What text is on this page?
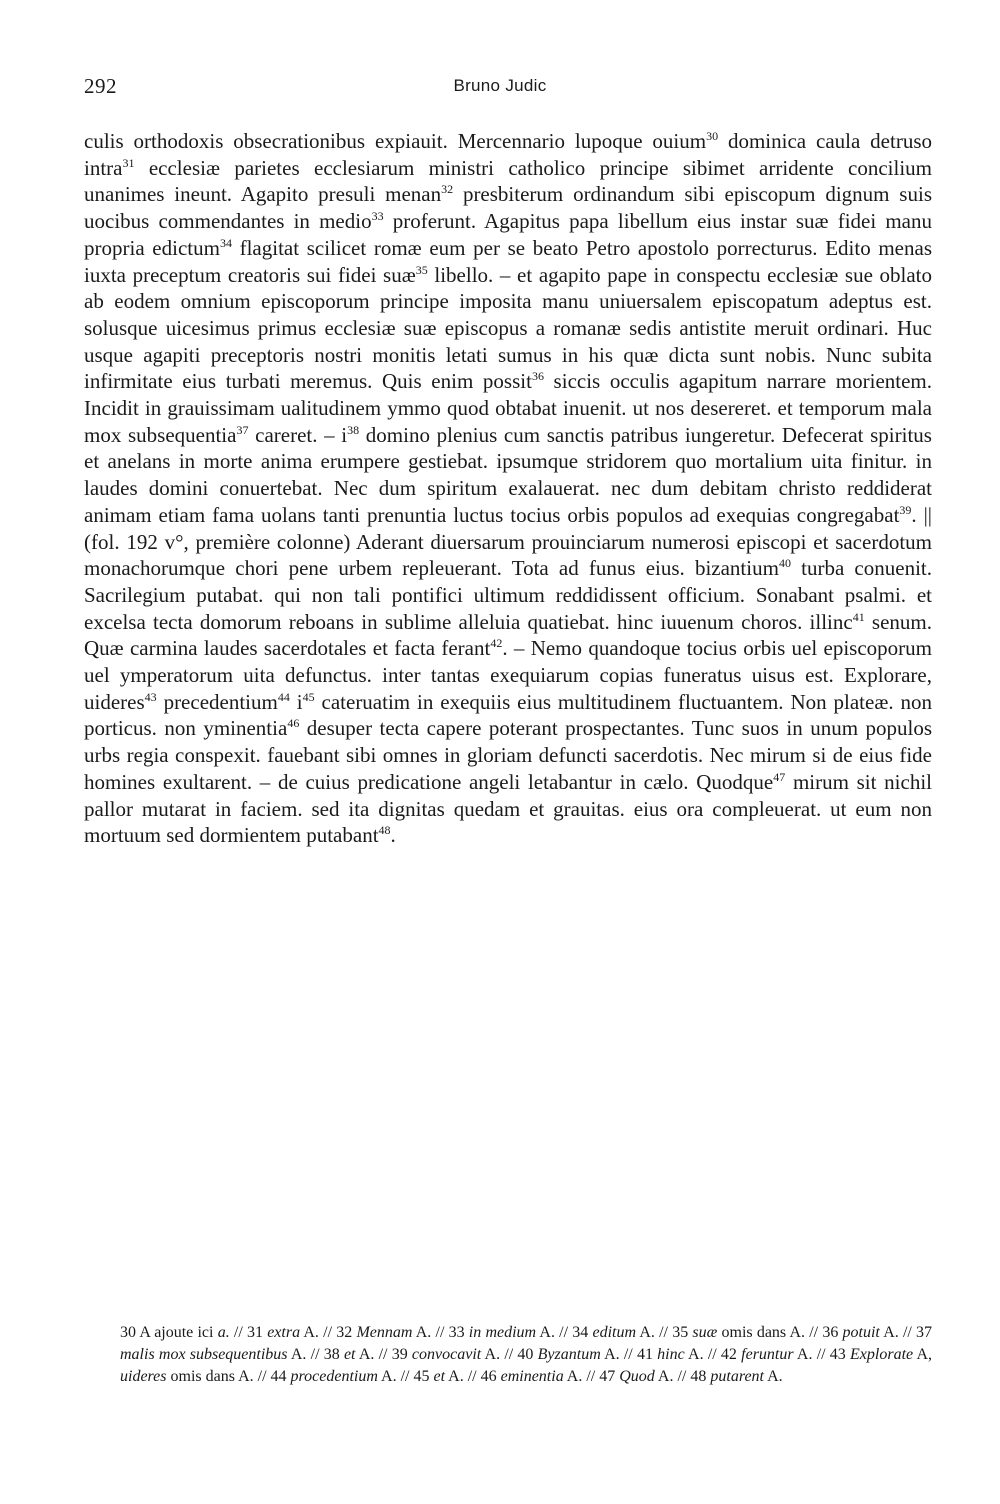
292	Bruno Judic

culis orthodoxis obsecrationibus expiauit. Mercennario lupoque ouium$^{30}$ dominica caula detruso intra$^{31}$ ecclesiæ parietes ecclesiarum ministri catholico principe sibimet arridente concilium unanimes ineunt. Agapito presuli menan$^{32}$ presbiterum ordinandum sibi episcopum dignum suis uocibus commendantes in medio$^{33}$ proferunt. Agapitus papa libellum eius instar suæ fidei manu propria edictum$^{34}$ flagitat scilicet romæ eum per se beato Petro apostolo porrecturus. Edito menas iuxta preceptum creatoris sui fidei suæ$^{35}$ libello. – et agapito pape in conspectu ecclesiæ sue oblato ab eodem omnium episcoporum principe imposita manu uniuersalem episcopatum adeptus est. solusque uicesimus primus ecclesiæ suæ episcopus a romanæ sedis antistite meruit ordinari. Huc usque agapiti preceptoris nostri monitis letati sumus in his quæ dicta sunt nobis. Nunc subita infirmitate eius turbati meremus. Quis enim possit$^{36}$ siccis occulis agapitum narrare morientem. Incidit in grauissimam ualitudinem ymmo quod obtabat inuenit. ut nos desereret. et temporum mala mox subsequentia$^{37}$ careret. – $i^{38}$ domino plenius cum sanctis patribus iungeretur. Defecerat spiritus et anelans in morte anima erumpere gestiebat. ipsumque stridorem quo mortalium uita finitur. in laudes domini conuertebat. Nec dum spiritum exalauerat. nec dum debitam christo reddiderat animam etiam fama uolans tanti prenuntia luctus tocius orbis populos ad exequias congregabat$^{39}$. || (fol. 192 v°, première colonne) Aderant diuersarum prouinciarum numerosi episcopi et sacerdotum monachorumque chori pene urbem repleuerant. Tota ad funus eius. bizantium$^{40}$ turba conuenit. Sacrilegium putabat. qui non tali pontifici ultimum reddidissent officium. Sonabant psalmi. et excelsa tecta domorum reboans in sublime alleluia quatiebat. hinc iuuenum choros. illinc$^{41}$ senum. Quæ carmina laudes sacerdotales et facta ferant$^{42}$. – Nemo quandoque tocius orbis uel episcoporum uel ymperatorum uita defunctus. inter tantas exequiarum copias funeratus uisus est. Explorare, uideres$^{43}$ precedentium$^{44}$ $i^{45}$ cateruatim in exequiis eius multitudinem fluctuantem. Non plateæ. non porticus. non yminentia$^{46}$ desuper tecta capere poterant prospectantes. Tunc suos in unum populos urbs regia conspexit. fauebant sibi omnes in gloriam defuncti sacerdotis. Nec mirum si de eius fide homines exultarent. – de cuius predicatione angeli letabantur in cælo. Quodque$^{47}$ mirum sit nichil pallor mutarat in faciem. sed ita dignitas quedam et grauitas. eius ora compleuerat. ut eum non mortuum sed dormientem putabant$^{48}$.

30 A ajoute ici a. // 31 extra A. // 32 Mennam A. // 33 in medium A. // 34 editum A. // 35 suæ omis dans A. // 36 potuit A. // 37 malis mox subsequentibus A. // 38 et A. // 39 convocavit A. // 40 Byzantum A. // 41 hinc A. // 42 feruntur A. // 43 Explorate A, uideres omis dans A. // 44 procedentium A. // 45 et A. // 46 eminentia A. // 47 Quod A. // 48 putarent A.
